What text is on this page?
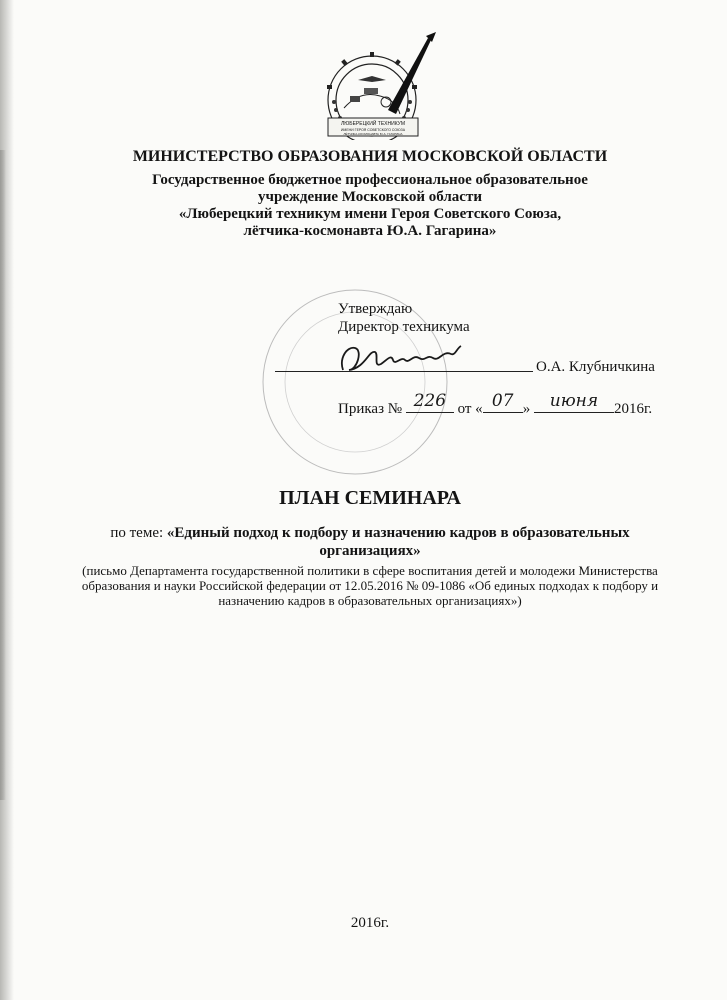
ЛЮБЕРЕЦКИЙ ТЕХНИКУМ
ИМЕНИ ГЕРОЯ СОВЕТСКОГО СОЮЗА
ЛЁТЧИКА-КОСМОНАВТА Ю.А. ГАГАРИНА
МИНИСТЕРСТВО ОБРАЗОВАНИЯ МОСКОВСКОЙ ОБЛАСТИ
Государственное бюджетное профессиональное образовательное
учреждение Московской области
«Люберецкий техникум имени Героя Советского Союза,
лётчика-космонавта Ю.А. Гагарина»
Утверждаю
Директор техникума
О.А. Клубничкина
Приказ № 226 от « 07 »	июня	2016г.
ПЛАН СЕМИНАРА
по теме: «Единый подход к подбору и назначению кадров в образовательных организациях»
(письмо Департамента государственной политики в сфере воспитания детей и молодежи Министерства образования и науки Российской федерации от 12.05.2016 № 09-1086 «Об единых подходах к подбору и назначению кадров в образовательных организациях»)
2016г.
